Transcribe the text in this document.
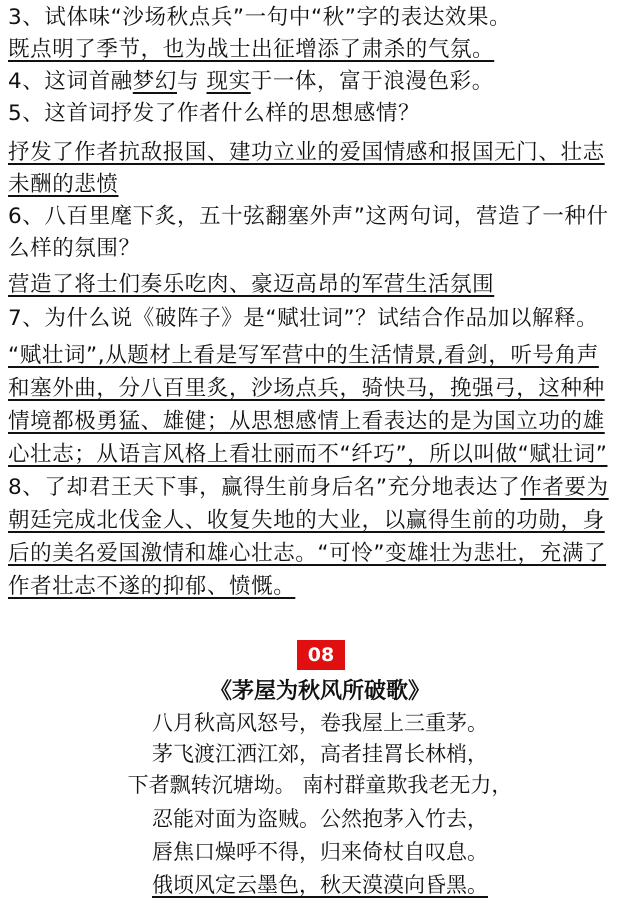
3、试体味“沙场秋点兵”一句中“秋”字的表达效果。
既点明了季节，也为战士出征增添了肃杀的气氛。
4、这词首融梦幻与 现实于一体，富于浪漫色彩。
5、这首词抒发了作者什么样的思想感情？
抒发了作者抗敌报国、建功立业的爱国情感和报国无门、壮志
未酬的悲愤
6、八百里麾下炙，五十弦翻塞外声”这两句词，营造了一种什
么样的氛围？
营造了将士们奏乐吃肉、豪迈高昂的军营生活氛围
7、为什么说《破阵子》是“赋壮词”？试结合作品加以解释。
“赋壮词”,从题材上看是写军营中的生活情景,看剑，听号角声
和塞外曲，分八百里炙，沙场点兵，骑快马，挽强弓，这种种
情境都极勇猛、雄健；从思想感情上看表达的是为国立功的雄
心壮志；从语言风格上看壮丽而不“纤巧”，所以叫做“赋壮词”
8、了却君王天下事，赢得生前身后名”充分地表达了作者要为
朝廷完成北伐金人、收复失地的大业，以赢得生前的功勋，身
后的美名爱国激情和雄心壮志。“可怜”变雄壮为悲壮，充满了
作者壮志不遂的抑郁、愤慨。
08
《茅屋为秋风所破歌》
八月秋高风怒号，卷我屋上三重茅。
茅飞渡江洒江郊，高者挂罥长林梢，
下者飘转沉塘坳。 南村群童欺我老无力，
忍能对面为盗贼。公然抱茅入竹去，
唇焦口燥呼不得，归来倚杖自叹息。
俄顷风定云墨色，秋天漠漠向昏黑。
